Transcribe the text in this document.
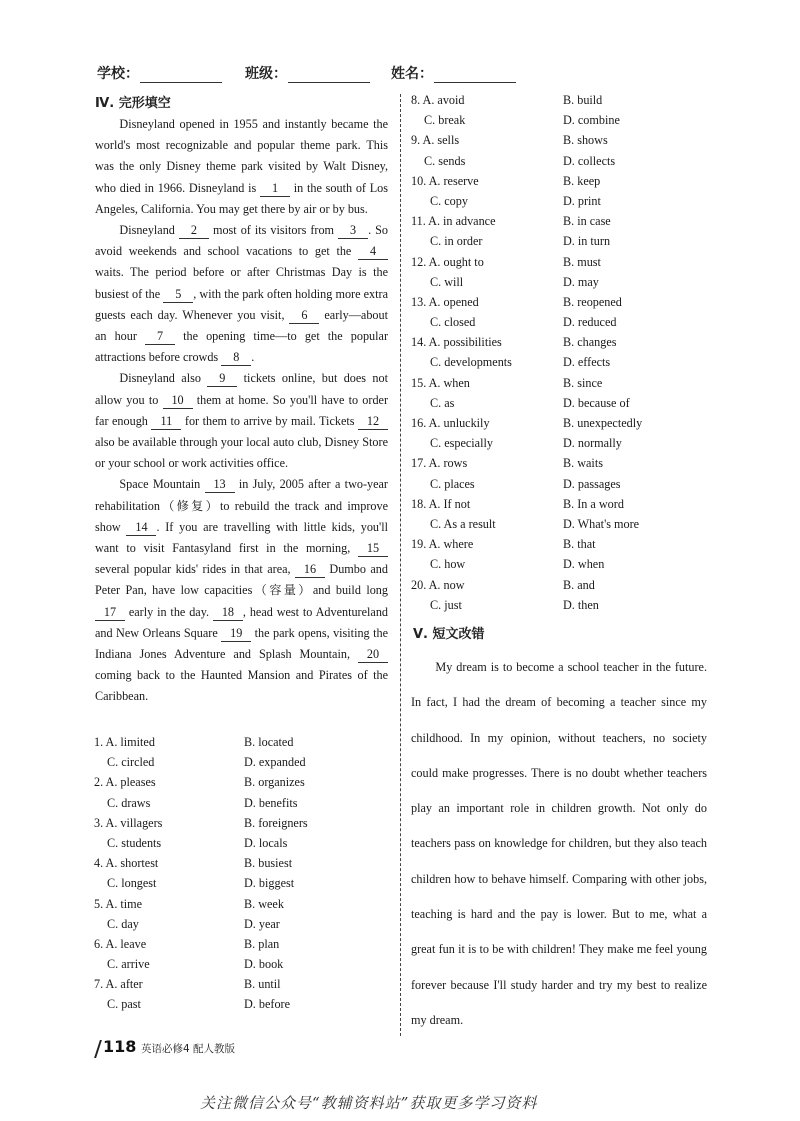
学校：	班级：	姓名：
Ⅳ. 完形填空

Disneyland opened in 1955 and instantly became the world's most recognizable and popular theme park. This was the only Disney theme park visited by Walt Disney, who died in 1966. Disneyland is 1 in the south of Los Angeles, California. You may get there by air or by bus.

Disneyland 2 most of its visitors from 3 . So avoid weekends and school vacations to get the 4 waits. The period before or after Christmas Day is the busiest of the 5 , with the park often holding more extra guests each day. Whenever you visit, 6 early—about an hour 7 the opening time—to get the popular attractions before crowds 8 .

Disneyland also 9 tickets online, but does not allow you to 10 them at home. So you'll have to order far enough 11 for them to arrive by mail. Tickets 12 also be available through your local auto club, Disney Store or your school or work activities office.

Space Mountain 13 in July, 2005 after a two-year rehabilitation（修复）to rebuild the track and improve show 14 . If you are travelling with little kids, you'll want to visit Fantasyland first in the morning, 15 several popular kids' rides in that area, 16 Dumbo and Peter Pan, have low capacities（容量）and build long 17 early in the day. 18 , head west to Adventureland and New Orleans Square 19 the park opens, visiting the Indiana Jones Adventure and Splash Mountain, 20 coming back to the Haunted Mansion and Pirates of the Caribbean.

1. A. limited	B. located
C. circled	D. expanded
2. A. pleases	B. organizes
C. draws	D. benefits
3. A. villagers	B. foreigners
C. students	D. locals
4. A. shortest	B. busiest
C. longest	D. biggest
5. A. time	B. week
C. day	D. year
6. A. leave	B. plan
C. arrive	D. book
7. A. after	B. until
C. past	D. before
8. A. avoid	B. build
C. break	D. combine
9. A. sells	B. shows
C. sends	D. collects
10. A. reserve	B. keep
C. copy	D. print
11. A. in advance	B. in case
C. in order	D. in turn
12. A. ought to	B. must
C. will	D. may
13. A. opened	B. reopened
C. closed	D. reduced
14. A. possibilities	B. changes
C. developments	D. effects
15. A. when	B. since
C. as	D. because of
16. A. unluckily	B. unexpectedly
C. especially	D. normally
17. A. rows	B. waits
C. places	D. passages
18. A. If not	B. In a word
C. As a result	D. What's more
19. A. where	B. that
C. how	D. when
20. A. now	B. and
C. just	D. then
Ⅴ. 短文改错

My dream is to become a school teacher in the future. In fact, I had the dream of becoming a teacher since my childhood. In my opinion, without teachers, no society could make progresses. There is no doubt whether teachers play an important role in children growth. Not only do teachers pass on knowledge for children, but they also teach children how to behave himself. Comparing with other jobs, teaching is hard and the pay is lower. But to me, what a great fun it is to be with children! They make me feel young forever because I'll study harder and try my best to realize my dream.

118 英语必修4 配人教版
关注微信公众号“教辅资料站”获取更多学习资料
